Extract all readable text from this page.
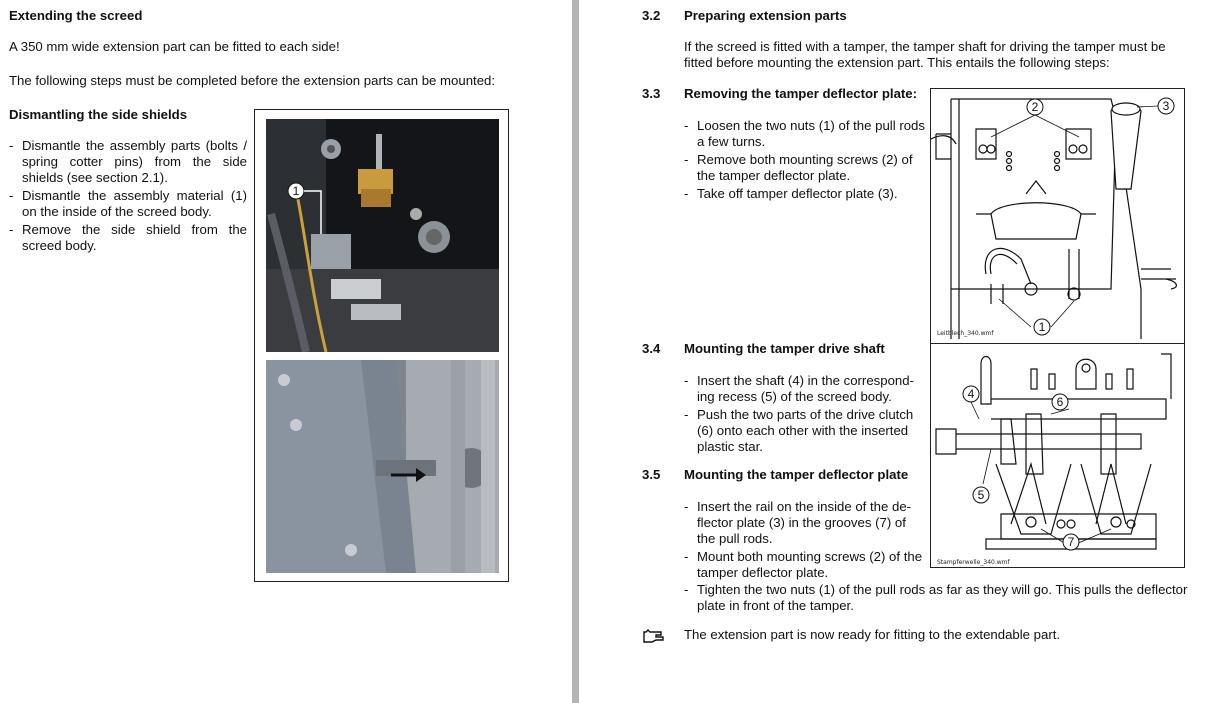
Extending the screed
A 350 mm wide extension part can be fitted to each side!
The following steps must be completed before the extension parts can be mounted:
Dismantling the side shields
- Dismantle the assembly parts (bolts / spring cotter pins) from the side shields (see section 2.1).
- Dismantle the assembly material (1) on the inside of the screed body.
- Remove the side shield from the screed body.
1
3.2 Preparing extension parts
If the screed is fitted with a tamper, the tamper shaft for driving the tamper must be fitted before mounting the extension part. This entails the following steps:
3.3 Removing the tamper deflector plate:
- Loosen the two nuts (1) of the pull rods a few turns.
- Remove both mounting screws (2) of the tamper deflector plate.
- Take off tamper deflector plate (3).
3.4 Mounting the tamper drive shaft
- Insert the shaft (4) in the correspond-ing recess (5) of the screed body.
- Push the two parts of the drive clutch (6) onto each other with the inserted plastic star.
3.5 Mounting the tamper deflector plate
- Insert the rail on the inside of the de-flector plate (3) in the grooves (7) of the pull rods.
- Mount both mounting screws (2) of the tamper deflector plate.
- Tighten the two nuts (1) of the pull rods as far as they will go. This pulls the deflector plate in front of the tamper.
The extension part is now ready for fitting to the extendable part.
2	3
1
Leitblech_340.wmf
4
6
5
7
Stampferwelle_340.wmf
